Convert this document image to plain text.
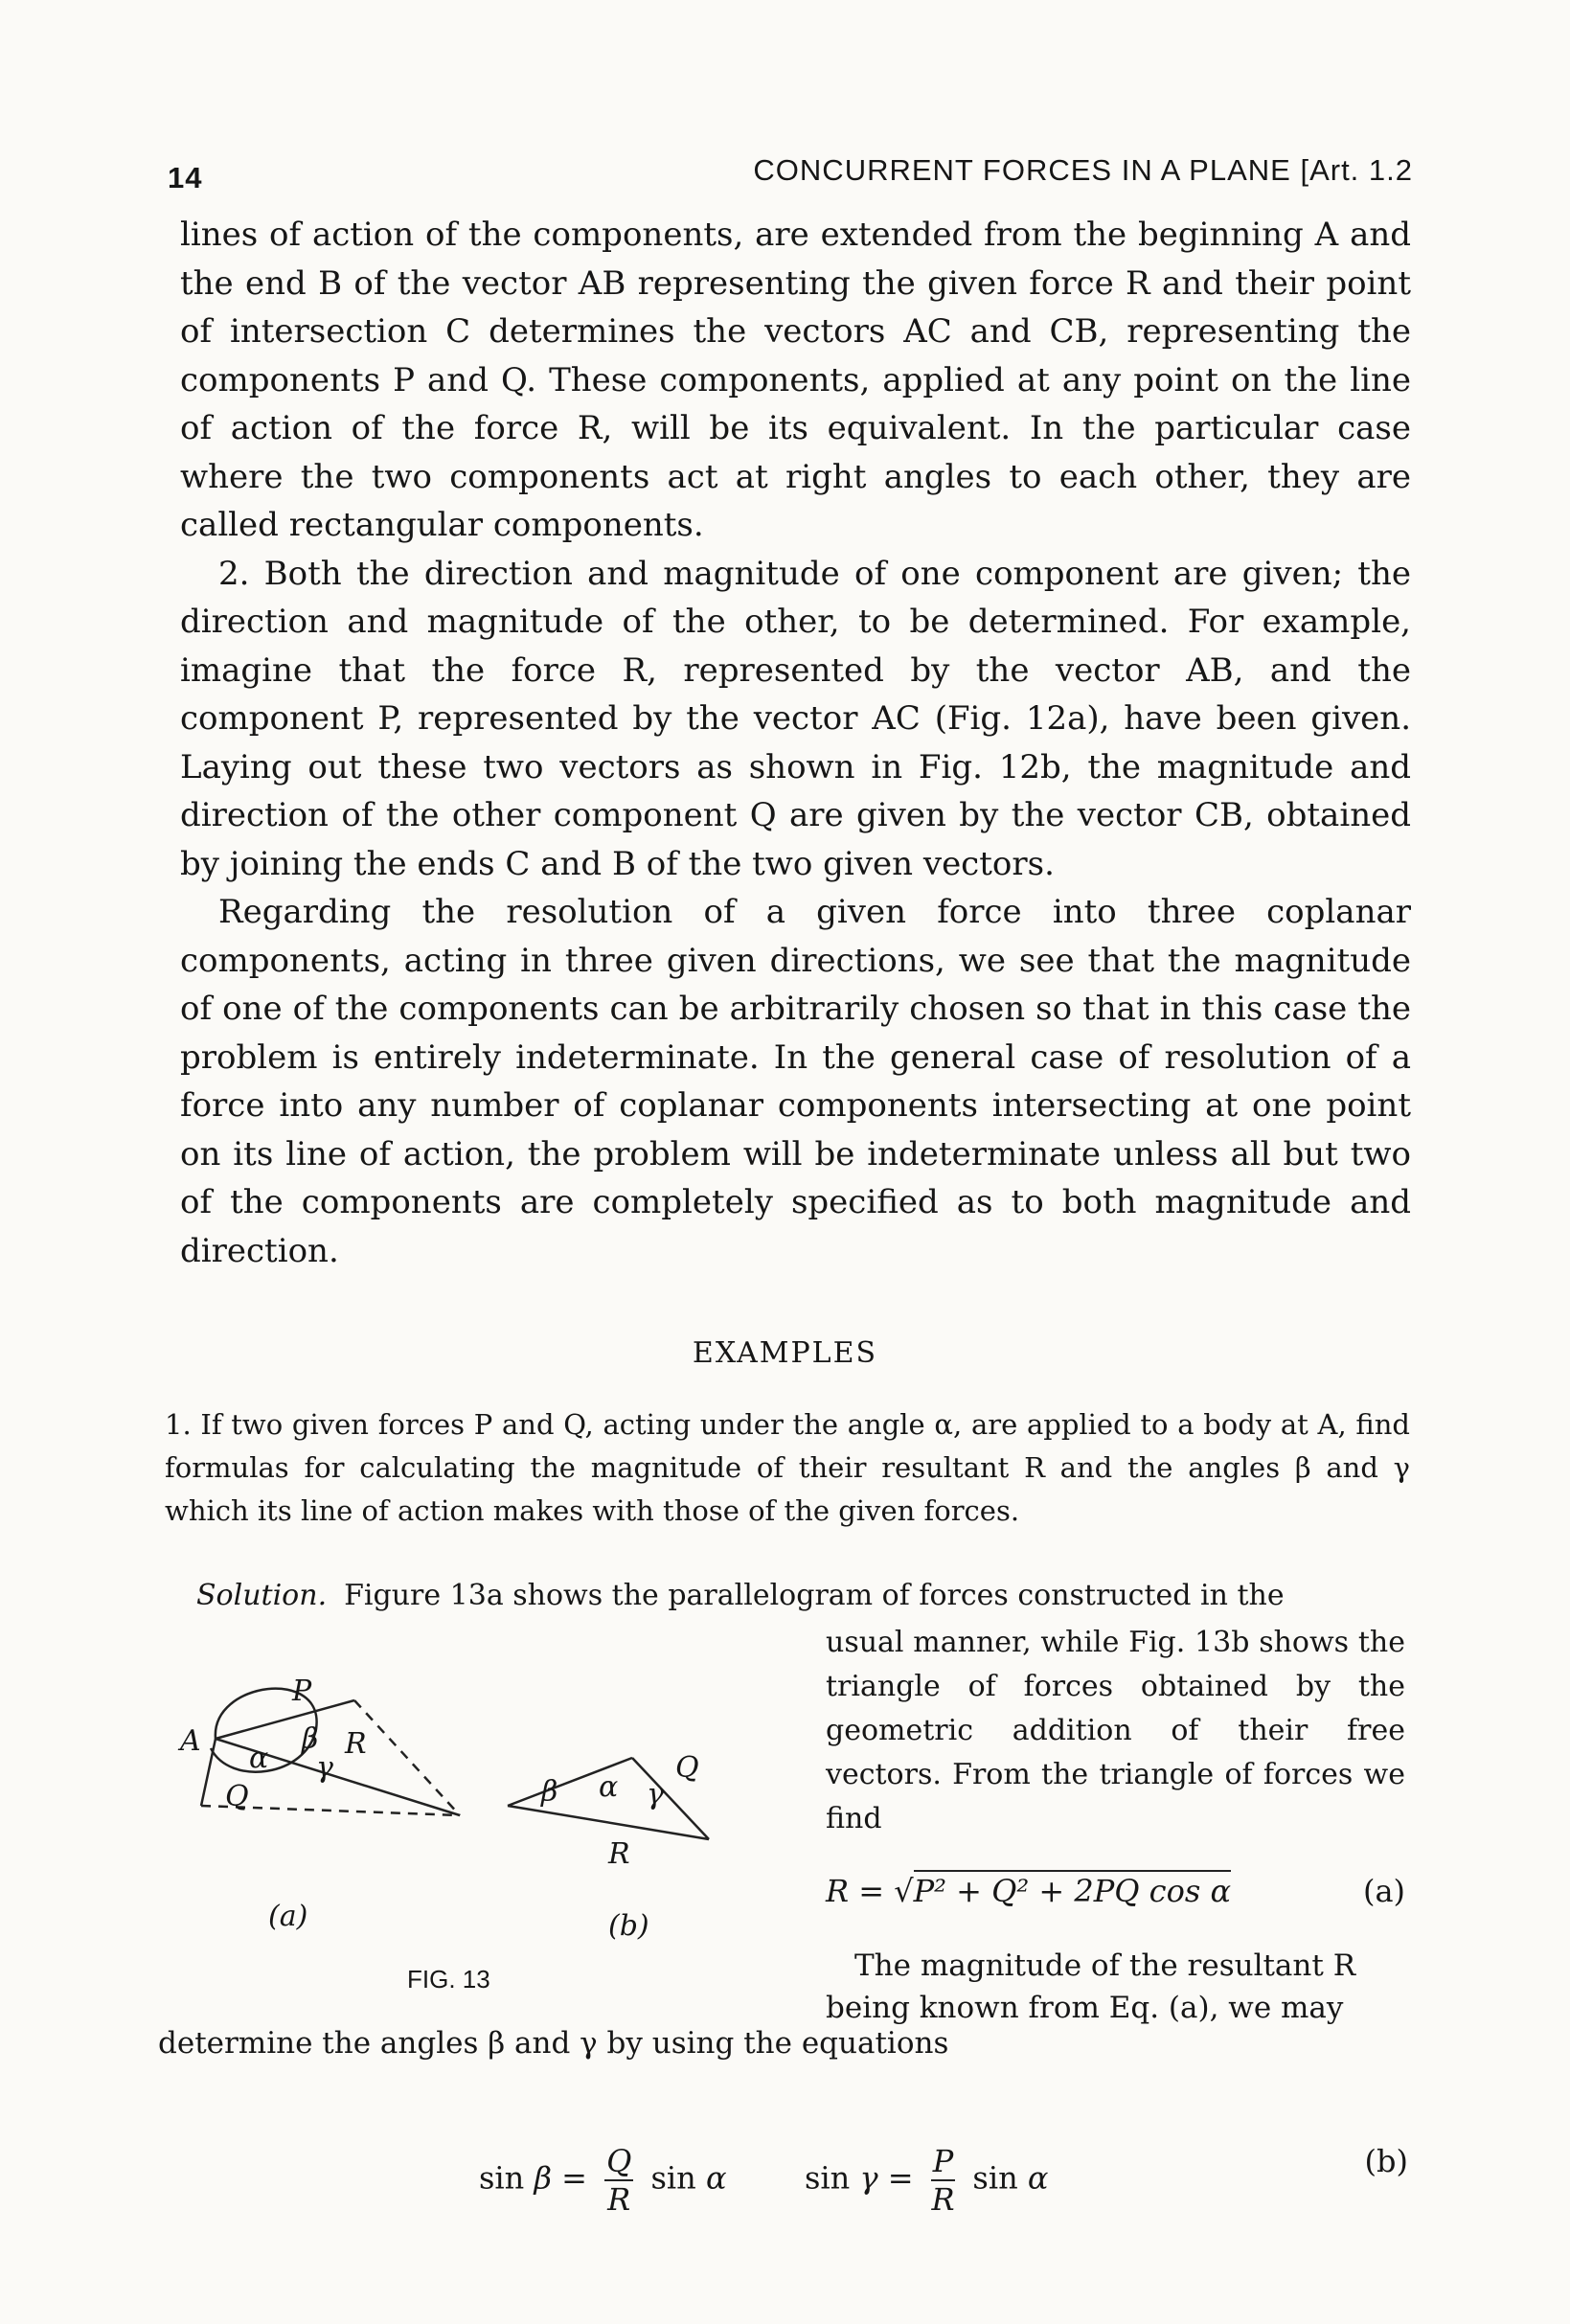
14	CONCURRENT FORCES IN A PLANE [Art. 1.2

lines of action of the components, are extended from the beginning A and the end B of the vector AB representing the given force R and their point of intersection C determines the vectors AC and CB, representing the components P and Q. These components, applied at any point on the line of action of the force R, will be its equivalent. In the particular case where the two components act at right angles to each other, they are called rectangular components.

2. Both the direction and magnitude of one component are given; the direction and magnitude of the other, to be determined. For example, imagine that the force R, represented by the vector AB, and the component P, represented by the vector AC (Fig. 12a), have been given. Laying out these two vectors as shown in Fig. 12b, the magnitude and direction of the other component Q are given by the vector CB, obtained by joining the ends C and B of the two given vectors.

Regarding the resolution of a given force into three coplanar components, acting in three given directions, we see that the magnitude of one of the components can be arbitrarily chosen so that in this case the problem is entirely indeterminate. In the general case of resolution of a force into any number of coplanar components intersecting at one point on its line of action, the problem will be indeterminate unless all but two of the components are completely specified as to both magnitude and direction.

EXAMPLES

1. If two given forces P and Q, acting under the angle α, are applied to a body at A, find formulas for calculating the magnitude of their resultant R and the angles β and γ which its line of action makes with those of the given forces.

Solution. Figure 13a shows the parallelogram of forces constructed in the
usual manner, while Fig. 13b shows the triangle of forces obtained by the geometric addition of their free vectors. From the triangle of forces we find
P
A	β R
α γ
Q	β α γ
Q
R
(a)	(b)
FIG. 13
R = √P² + Q² + 2PQ cos α	(a)
The magnitude of the resultant R being known from Eq. (a), we may
determine the angles β and γ by using the equations
$\sin \beta = \frac{Q}{R}$ sin α	$\sin \gamma = \frac{P}{R}$ sin α	(b)
